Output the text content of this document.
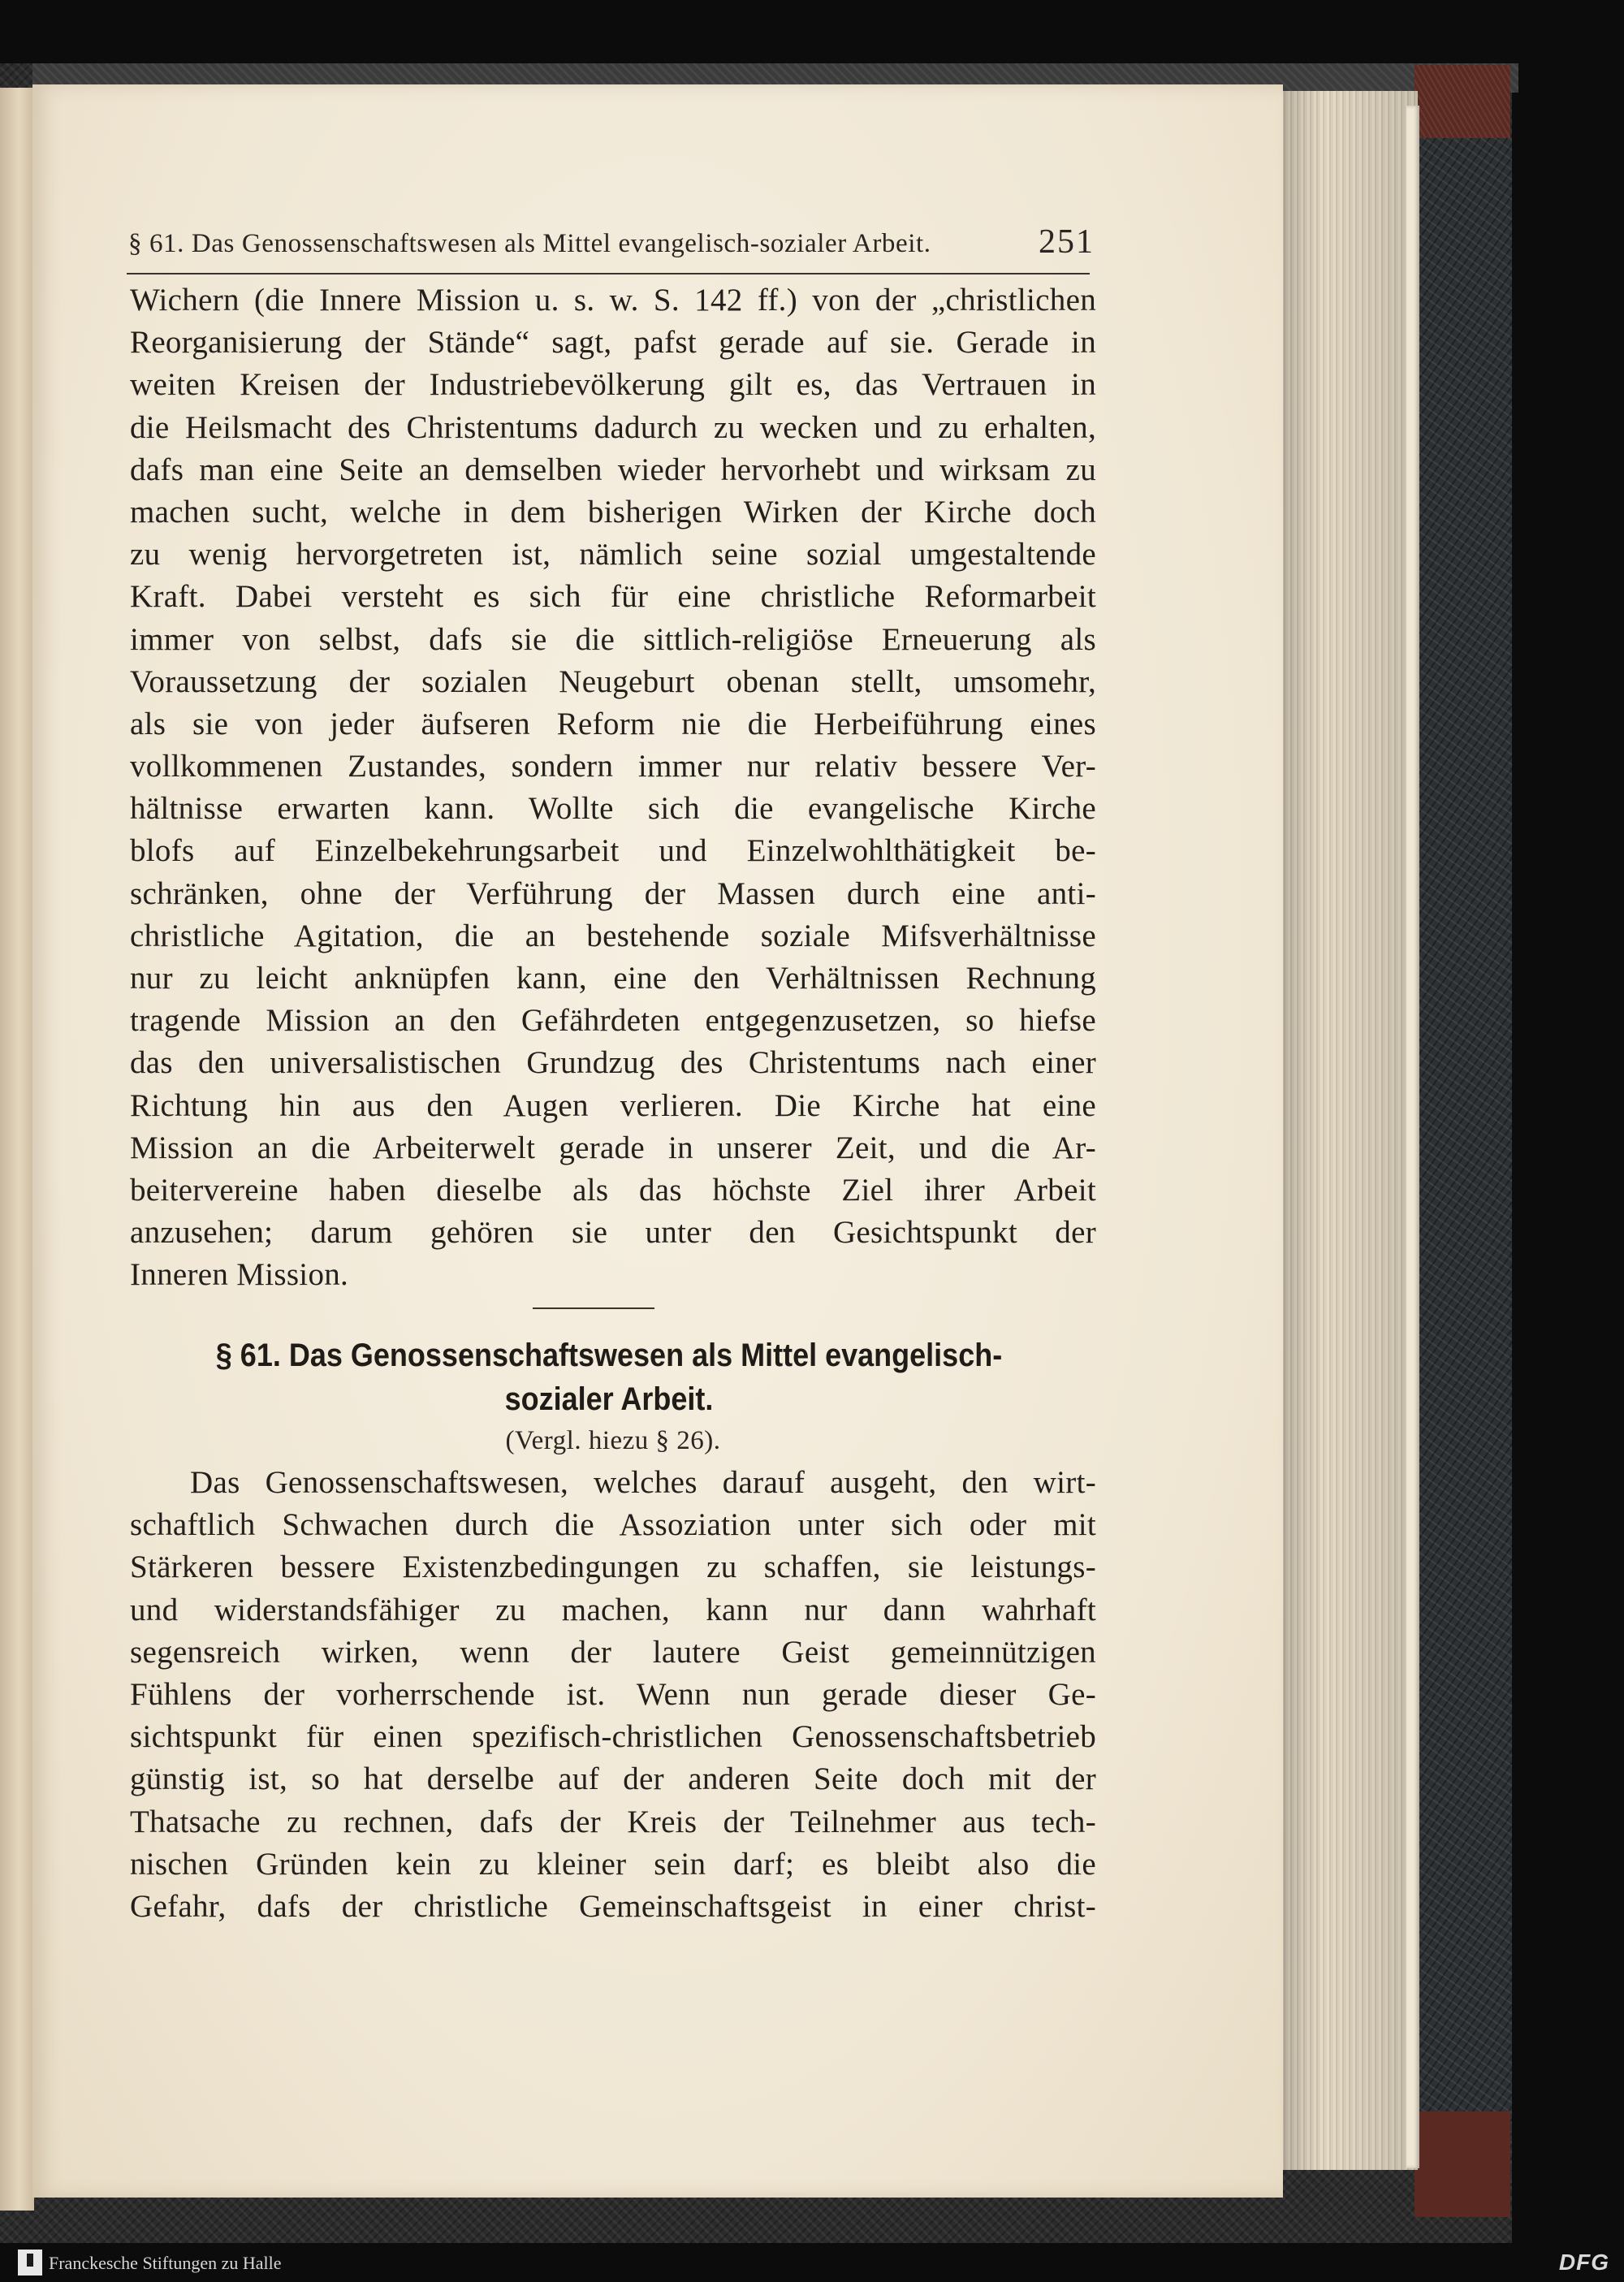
§ 61. Das Genossenschaftswesen als Mittel evangelisch-sozialer Arbeit.	251
Wichern (die Innere Mission u. s. w. S. 142 ff.) von der „christlichen
Reorganisierung der Stände“ sagt, pafst gerade auf sie. Gerade in
weiten Kreisen der Industriebevölkerung gilt es, das Vertrauen in
die Heilsmacht des Christentums dadurch zu wecken und zu erhalten,
dafs man eine Seite an demselben wieder hervorhebt und wirksam zu
machen sucht, welche in dem bisherigen Wirken der Kirche doch
zu wenig hervorgetreten ist, nämlich seine sozial umgestaltende
Kraft. Dabei versteht es sich für eine christliche Reformarbeit
immer von selbst, dafs sie die sittlich-religiöse Erneuerung als
Voraussetzung der sozialen Neugeburt obenan stellt, umsomehr,
als sie von jeder äufseren Reform nie die Herbeiführung eines
vollkommenen Zustandes, sondern immer nur relativ bessere Ver-
hältnisse erwarten kann. Wollte sich die evangelische Kirche
blofs auf Einzelbekehrungsarbeit und Einzelwohlthätigkeit be-
schränken, ohne der Verführung der Massen durch eine anti-
christliche Agitation, die an bestehende soziale Mifsverhältnisse
nur zu leicht anknüpfen kann, eine den Verhältnissen Rechnung
tragende Mission an den Gefährdeten entgegenzusetzen, so hiefse
das den universalistischen Grundzug des Christentums nach einer
Richtung hin aus den Augen verlieren. Die Kirche hat eine
Mission an die Arbeiterwelt gerade in unserer Zeit, und die Ar-
beitervereine haben dieselbe als das höchste Ziel ihrer Arbeit
anzusehen; darum gehören sie unter den Gesichtspunkt der
Inneren Mission.
§ 61. Das Genossenschaftswesen als Mittel evangelisch-
sozialer Arbeit.
(Vergl. hiezu § 26).
Das Genossenschaftswesen, welches darauf ausgeht, den wirt-
schaftlich Schwachen durch die Assoziation unter sich oder mit
Stärkeren bessere Existenzbedingungen zu schaffen, sie leistungs-
und widerstandsfähiger zu machen, kann nur dann wahrhaft
segensreich wirken, wenn der lautere Geist gemeinnützigen
Fühlens der vorherrschende ist. Wenn nun gerade dieser Ge-
sichtspunkt für einen spezifisch-christlichen Genossenschaftsbetrieb
günstig ist, so hat derselbe auf der anderen Seite doch mit der
Thatsache zu rechnen, dafs der Kreis der Teilnehmer aus tech-
nischen Gründen kein zu kleiner sein darf; es bleibt also die
Gefahr, dafs der christliche Gemeinschaftsgeist in einer christ-
Franckesche Stiftungen zu Halle	DFG
